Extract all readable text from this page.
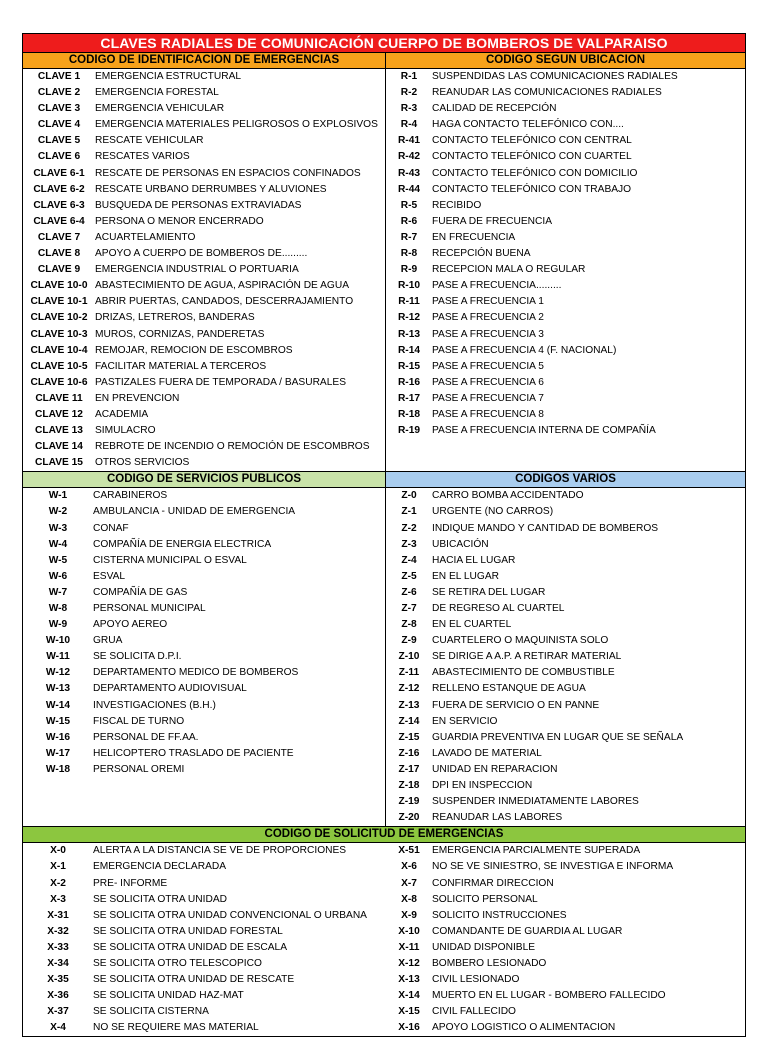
CLAVES RADIALES DE COMUNICACIÓN CUERPO DE BOMBEROS DE VALPARAISO
CODIGO DE IDENTIFICACION DE EMERGENCIAS	CODIGO SEGUN UBICACION
CLAVE 1	EMERGENCIA ESTRUCTURAL
CLAVE 2	EMERGENCIA FORESTAL
CLAVE 3	EMERGENCIA VEHICULAR
CLAVE 4	EMERGENCIA MATERIALES PELIGROSOS O EXPLOSIVOS
CLAVE 5	RESCATE VEHICULAR
CLAVE 6	RESCATES VARIOS
CLAVE 6-1	RESCATE DE PERSONAS EN ESPACIOS CONFINADOS
CLAVE 6-2	RESCATE URBANO DERRUMBES Y ALUVIONES
CLAVE 6-3	BUSQUEDA DE PERSONAS EXTRAVIADAS
CLAVE 6-4	PERSONA O MENOR ENCERRADO
CLAVE 7	ACUARTELAMIENTO
CLAVE 8	APOYO A CUERPO DE BOMBEROS DE.........
CLAVE 9	EMERGENCIA INDUSTRIAL O PORTUARIA
CLAVE 10-0 ABASTECIMIENTO DE AGUA, ASPIRACIÓN DE AGUA
CLAVE 10-1 ABRIR PUERTAS, CANDADOS, DESCERRAJAMIENTO
CLAVE 10-2 DRIZAS, LETREROS, BANDERAS
CLAVE 10-3 MUROS, CORNIZAS, PANDERETAS
CLAVE 10-4 REMOJAR, REMOCION DE ESCOMBROS
CLAVE 10-5 FACILITAR MATERIAL A TERCEROS
CLAVE 10-6 PASTIZALES FUERA DE TEMPORADA / BASURALES
CLAVE 11	EN PREVENCION
CLAVE 12	ACADEMIA
CLAVE 13	SIMULACRO
CLAVE 14	REBROTE DE INCENDIO O REMOCIÓN DE ESCOMBROS
CLAVE 15	OTROS SERVICIOS
R-1	SUSPENDIDAS LAS COMUNICACIONES RADIALES
R-2	REANUDAR LAS COMUNICACIONES RADIALES
R-3	CALIDAD DE RECEPCIÓN
R-4	HAGA CONTACTO TELEFÓNICO CON....
R-41	CONTACTO TELEFÓNICO CON CENTRAL
R-42	CONTACTO TELEFÓNICO CON CUARTEL
R-43	CONTACTO TELEFÓNICO CON DOMICILIO
R-44	CONTACTO TELEFÓNICO CON TRABAJO
R-5	RECIBIDO
R-6	FUERA DE FRECUENCIA
R-7	EN FRECUENCIA
R-8	RECEPCIÓN BUENA
R-9	RECEPCION MALA O REGULAR
R-10	PASE A FRECUENCIA.........
R-11	PASE A FRECUENCIA 1
R-12	PASE A FRECUENCIA 2
R-13	PASE A FRECUENCIA 3
R-14	PASE A FRECUENCIA 4 (F. NACIONAL)
R-15	PASE A FRECUENCIA 5
R-16	PASE A FRECUENCIA 6
R-17	PASE A FRECUENCIA 7
R-18	PASE A FRECUENCIA 8
R-19	PASE A FRECUENCIA INTERNA DE COMPAÑÍA
CODIGO DE SERVICIOS PUBLICOS	CODIGOS VARIOS
W-1	CARABINEROS
W-2	AMBULANCIA - UNIDAD DE EMERGENCIA
W-3	CONAF
W-4	COMPAÑÍA DE ENERGIA ELECTRICA
W-5	CISTERNA MUNICIPAL O ESVAL
W-6	ESVAL
W-7	COMPAÑÍA DE GAS
W-8	PERSONAL MUNICIPAL
W-9	APOYO AEREO
W-10	GRUA
W-11	SE SOLICITA D.P.I.
W-12	DEPARTAMENTO MEDICO DE BOMBEROS
W-13	DEPARTAMENTO AUDIOVISUAL
W-14	INVESTIGACIONES (B.H.)
W-15	FISCAL DE TURNO
W-16	PERSONAL DE FF.AA.
W-17	HELICOPTERO TRASLADO DE PACIENTE
W-18	PERSONAL OREMI
Z-0	CARRO BOMBA ACCIDENTADO
Z-1	URGENTE (NO CARROS)
Z-2	INDIQUE MANDO Y CANTIDAD DE BOMBEROS
Z-3	UBICACIÓN
Z-4	HACIA EL LUGAR
Z-5	EN EL LUGAR
Z-6	SE RETIRA DEL LUGAR
Z-7	DE REGRESO AL CUARTEL
Z-8	EN EL CUARTEL
Z-9	CUARTELERO O MAQUINISTA SOLO
Z-10	SE DIRIGE A A.P. A RETIRAR MATERIAL
Z-11	ABASTECIMIENTO DE COMBUSTIBLE
Z-12	RELLENO ESTANQUE DE AGUA
Z-13	FUERA DE SERVICIO O EN PANNE
Z-14	EN SERVICIO
Z-15	GUARDIA PREVENTIVA EN LUGAR QUE SE SEÑALA
Z-16	LAVADO DE MATERIAL
Z-17	UNIDAD EN REPARACION
Z-18	DPI EN INSPECCION
Z-19	SUSPENDER INMEDIATAMENTE LABORES
Z-20	REANUDAR LAS LABORES
CODIGO DE SOLICITUD DE EMERGENCIAS
X-0	ALERTA A LA DISTANCIA SE VE DE PROPORCIONES
X-1	EMERGENCIA DECLARADA
X-2	PRE- INFORME
X-3	SE SOLICITA OTRA UNIDAD
X-31	SE SOLICITA OTRA UNIDAD CONVENCIONAL O URBANA
X-32	SE SOLICITA OTRA UNIDAD FORESTAL
X-33	SE SOLICITA OTRA UNIDAD DE ESCALA
X-34	SE SOLICITA OTRO TELESCOPICO
X-35	SE SOLICITA OTRA UNIDAD DE RESCATE
X-36	SE SOLICITA UNIDAD HAZ-MAT
X-37	SE SOLICITA CISTERNA
X-4	NO SE REQUIERE MAS MATERIAL
X-51	EMERGENCIA PARCIALMENTE SUPERADA
X-6	NO SE VE SINIESTRO, SE INVESTIGA E INFORMA
X-7	CONFIRMAR DIRECCION
X-8	SOLICITO PERSONAL
X-9	SOLICITO INSTRUCCIONES
X-10	COMANDANTE DE GUARDIA AL LUGAR
X-11	UNIDAD DISPONIBLE
X-12	BOMBERO LESIONADO
X-13	CIVIL LESIONADO
X-14	MUERTO EN EL LUGAR - BOMBERO FALLECIDO
X-15	CIVIL FALLECIDO
X-16	APOYO LOGISTICO O ALIMENTACION
